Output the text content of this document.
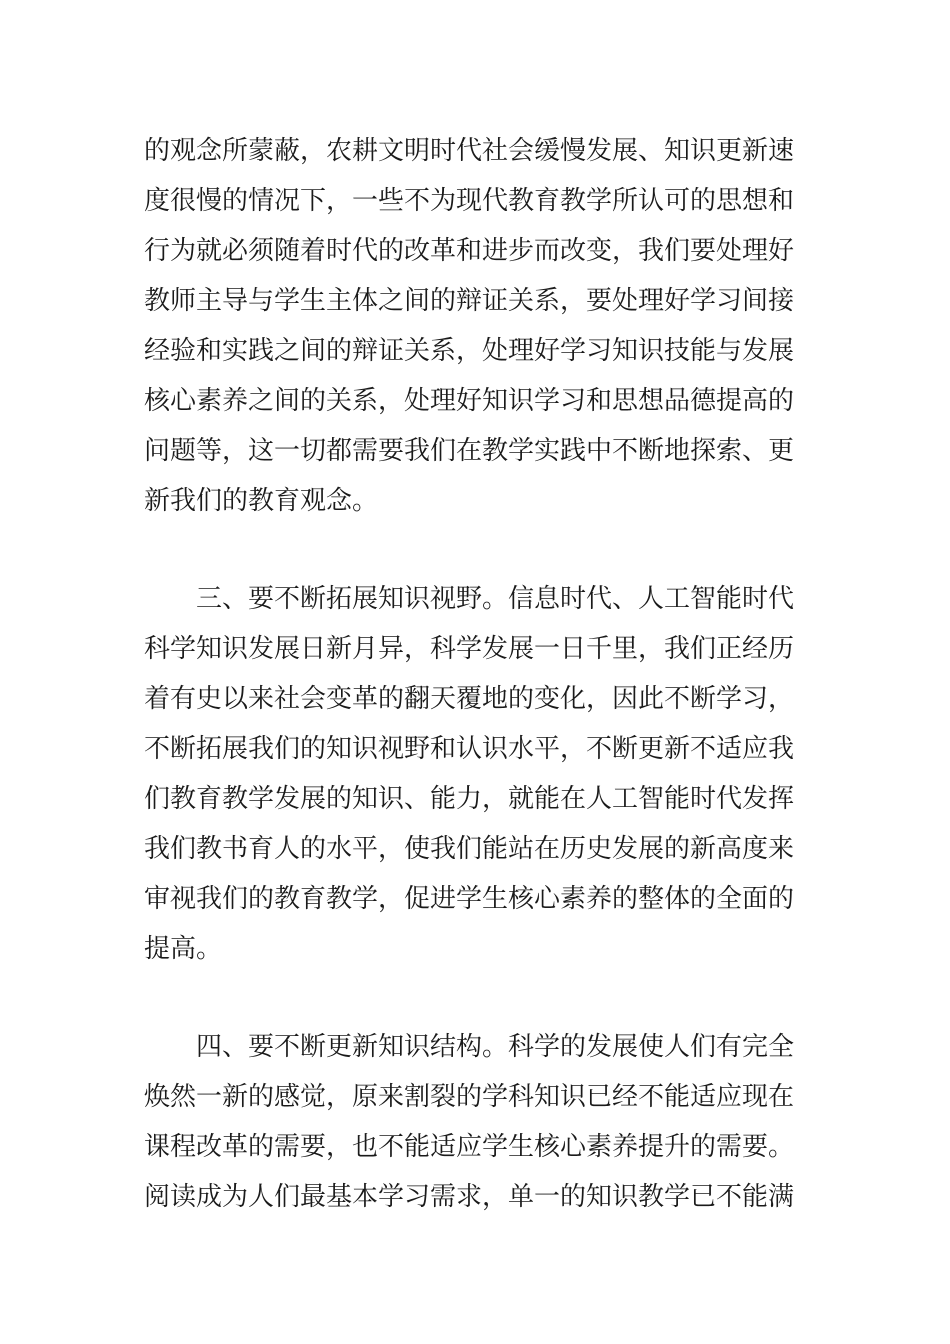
的观念所蒙蔽，农耕文明时代社会缓慢发展、知识更新速
度很慢的情况下，一些不为现代教育教学所认可的思想和
行为就必须随着时代的改革和进步而改变，我们要处理好
教师主导与学生主体之间的辩证关系，要处理好学习间接
经验和实践之间的辩证关系，处理好学习知识技能与发展
核心素养之间的关系，处理好知识学习和思想品德提高的
问题等，这一切都需要我们在教学实践中不断地探索、更
新我们的教育观念。
　　三、要不断拓展知识视野。信息时代、人工智能时代
科学知识发展日新月异，科学发展一日千里，我们正经历
着有史以来社会变革的翻天覆地的变化，因此不断学习，
不断拓展我们的知识视野和认识水平，不断更新不适应我
们教育教学发展的知识、能力，就能在人工智能时代发挥
我们教书育人的水平，使我们能站在历史发展的新高度来
审视我们的教育教学，促进学生核心素养的整体的全面的
提高。
　　四、要不断更新知识结构。科学的发展使人们有完全
焕然一新的感觉，原来割裂的学科知识已经不能适应现在
课程改革的需要，也不能适应学生核心素养提升的需要。
阅读成为人们最基本学习需求，单一的知识教学已不能满
